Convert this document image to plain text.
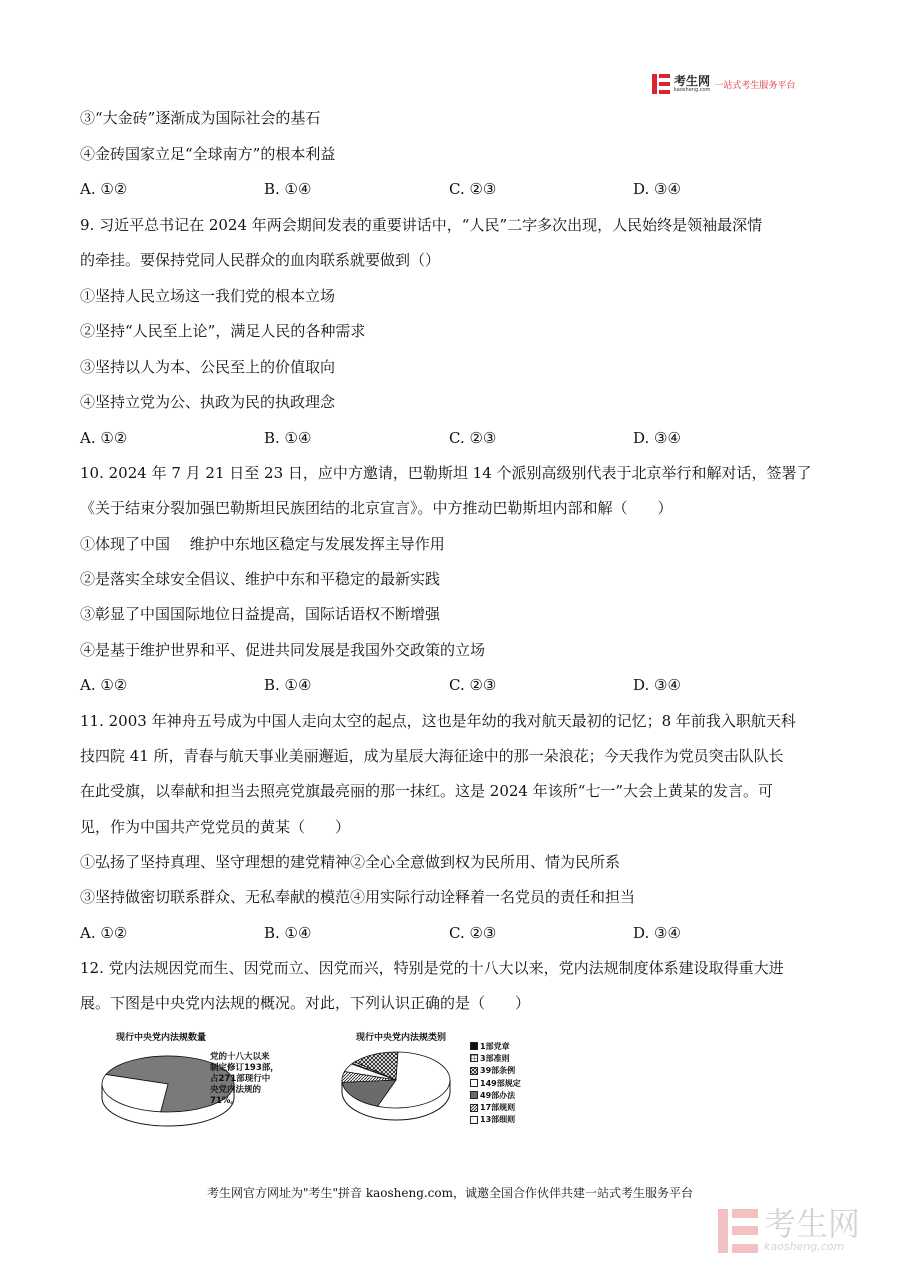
考生网
kaosheng.com 一站式考生服务平台
③“大金砖”逐渐成为国际社会的基石
④金砖国家立足“全球南方”的根本利益
A. ①②	B. ①④	C. ②③	D. ③④
9. 习近平总书记在 2024 年两会期间发表的重要讲话中，“人民”二字多次出现，人民始终是领袖最深情
的牵挂。要保持党同人民群众的血肉联系就要做到（）
①坚持人民立场这一我们党的根本立场
②坚持“人民至上论”，满足人民的各种需求
③坚持以人为本、公民至上的价值取向
④坚持立党为公、执政为民的执政理念
A. ①②	B. ①④	C. ②③	D. ③④
10. 2024 年 7 月 21 日至 23 日，应中方邀请，巴勒斯坦 14 个派别高级别代表于北京举行和解对话，签署了
《关于结束分裂加强巴勒斯坦民族团结的北京宣言》。中方推动巴勒斯坦内部和解（　　）
①体现了中国　 维护中东地区稳定与发展发挥主导作用
②是落实全球安全倡议、维护中东和平稳定的最新实践
③彰显了中国国际地位日益提高，国际话语权不断增强
④是基于维护世界和平、促进共同发展是我国外交政策的立场
A. ①②	B. ①④	C. ②③	D. ③④
11. 2003 年神舟五号成为中国人走向太空的起点，这也是年幼的我对航天最初的记忆；8 年前我入职航天科
技四院 41 所，青春与航天事业美丽邂逅，成为星辰大海征途中的那一朵浪花；今天我作为党员突击队队长
在此受旗，以奉献和担当去照亮党旗最亮丽的那一抹红。这是 2024 年该所“七一”大会上黄某的发言。可
见，作为中国共产党党员的黄某（　　）
①弘扬了坚持真理、坚守理想的建党精神②全心全意做到权为民所用、情为民所系
③坚持做密切联系群众、无私奉献的模范④用实际行动诠释着一名党员的责任和担当
A. ①②	B. ①④	C. ②③	D. ③④
12. 党内法规因党而生、因党而立、因党而兴，特别是党的十八大以来，党内法规制度体系建设取得重大进
展。下图是中央党内法规的概况。对此，下列认识正确的是（　　）
现行中央党内法规数量
党的十八大以来
制定修订193部，
占271部现行中
央党内法规的
71%。
现行中央党内法规类别
1部党章
3部准则
39部条例
149部规定
49部办法
17部规则
13部细则
考生网官方网址为"考生"拼音 kaosheng.com，诚邀全国合作伙伴共建一站式考生服务平台
考生网
kaosheng.com
